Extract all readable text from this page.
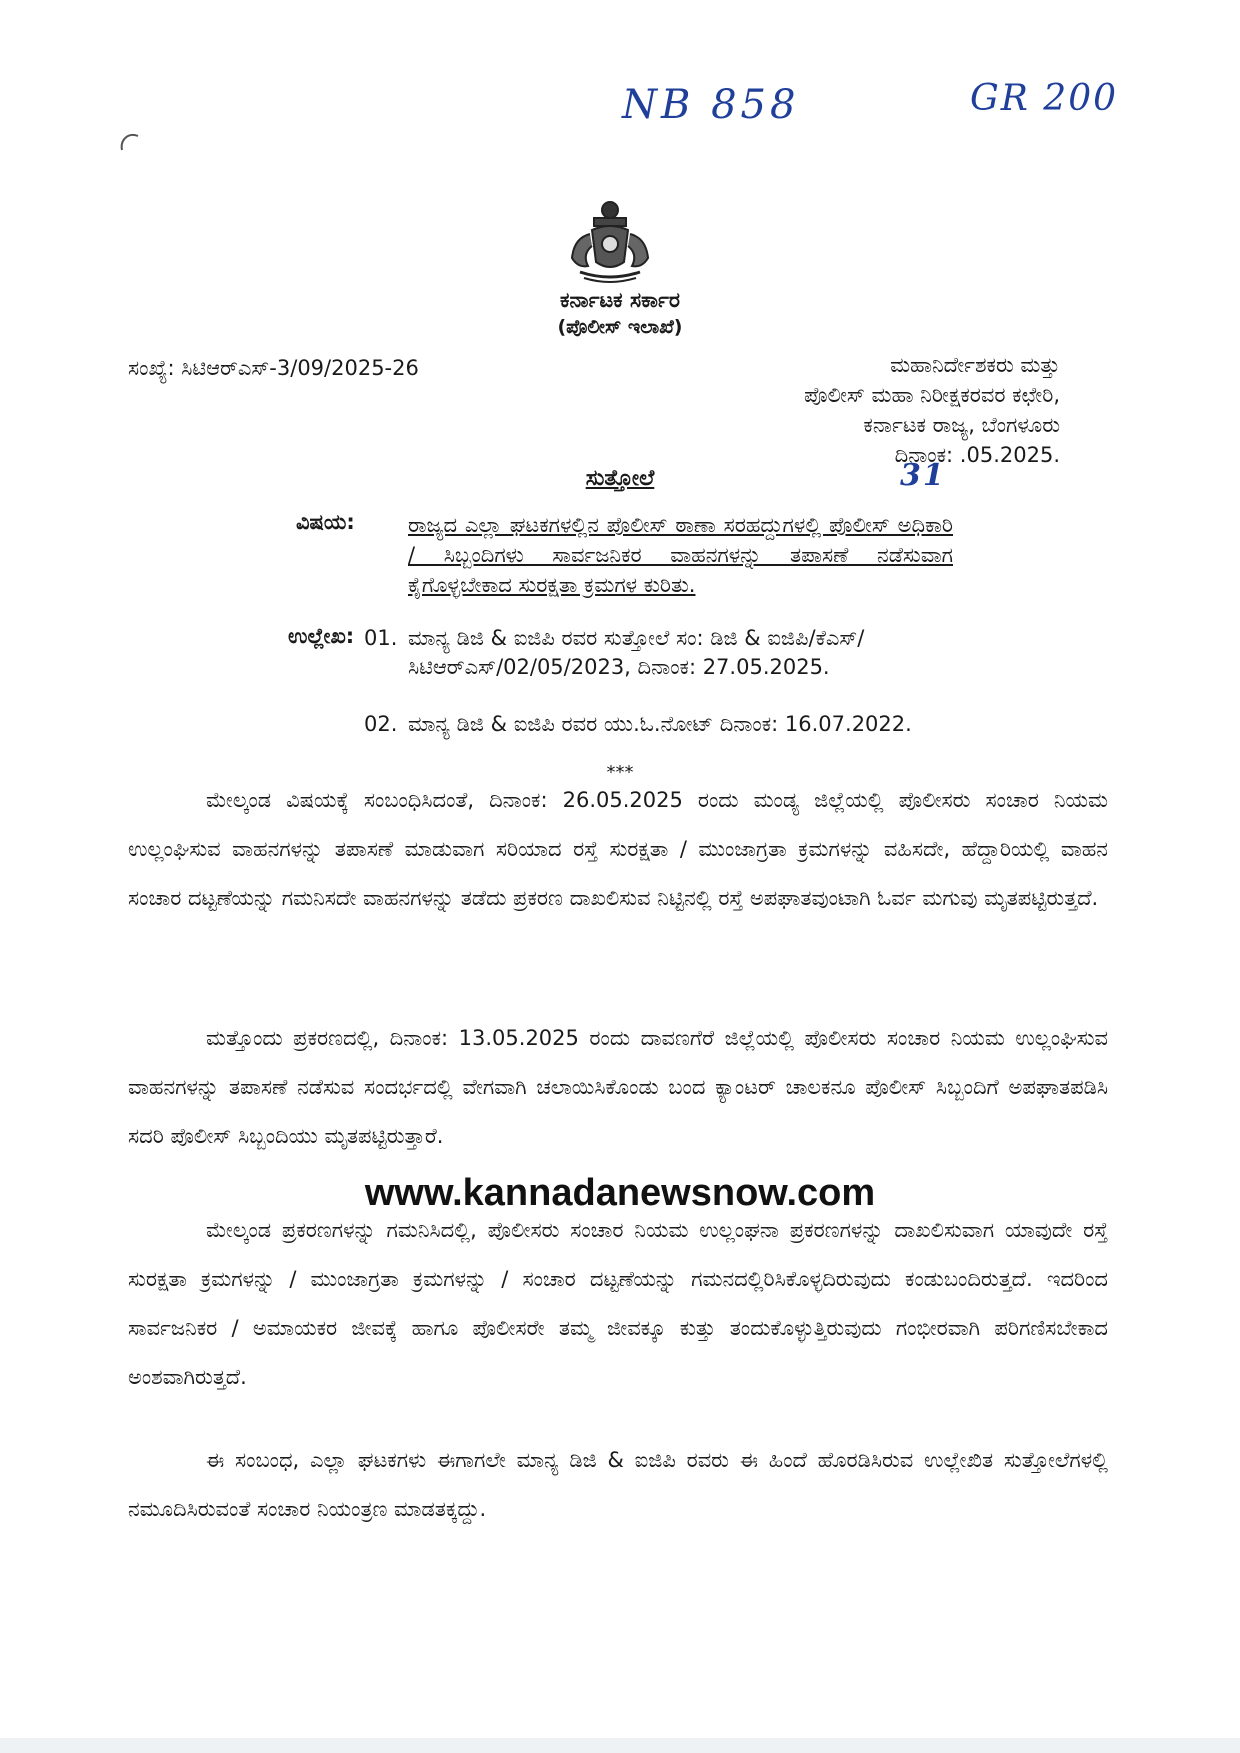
NB 858	GR 200
31
ಕರ್ನಾಟಕ ಸರ್ಕಾರ
(ಪೊಲೀಸ್ ಇಲಾಖೆ)
ಸಂಖ್ಯೆ: ಸಿಟಿಆರ್‌ಎಸ್-3/09/2025-26	ಮಹಾನಿರ್ದೇಶಕರು ಮತ್ತು
ಪೊಲೀಸ್ ಮಹಾ ನಿರೀಕ್ಷಕರವರ ಕಛೇರಿ,
ಕರ್ನಾಟಕ ರಾಜ್ಯ, ಬೆಂಗಳೂರು
ದಿನಾಂಕ: .05.2025.
ಸುತ್ತೋಲೆ
ವಿಷಯ:	ರಾಜ್ಯದ ಎಲ್ಲಾ ಘಟಕಗಳಲ್ಲಿನ ಪೊಲೀಸ್ ಠಾಣಾ ಸರಹದ್ದುಗಳಲ್ಲಿ ಪೊಲೀಸ್ ಅಧಿಕಾರಿ / ಸಿಬ್ಬಂದಿಗಳು ಸಾರ್ವಜನಿಕರ ವಾಹನಗಳನ್ನು ತಪಾಸಣೆ ನಡೆಸುವಾಗ ಕೈಗೊಳ್ಳಬೇಕಾದ ಸುರಕ್ಷತಾ ಕ್ರಮಗಳ ಕುರಿತು.
ಉಲ್ಲೇಖ: 01. ಮಾನ್ಯ ಡಿಜಿ & ಐಜಿಪಿ ರವರ ಸುತ್ತೋಲೆ ಸಂ: ಡಿಜಿ & ಐಜಿಪಿ/ಕೆಎಸ್/ಸಿಟಿಆರ್‌ಎಸ್/02/05/2023, ದಿನಾಂಕ: 27.05.2025.
02. ಮಾನ್ಯ ಡಿಜಿ & ಐಜಿಪಿ ರವರ ಯು.ಓ.ನೋಟ್ ದಿನಾಂಕ: 16.07.2022.
***

ಮೇಲ್ಕಂಡ ವಿಷಯಕ್ಕೆ ಸಂಬಂಧಿಸಿದಂತೆ, ದಿನಾಂಕ: 26.05.2025 ರಂದು ಮಂಡ್ಯ ಜಿಲ್ಲೆಯಲ್ಲಿ ಪೊಲೀಸರು ಸಂಚಾರ ನಿಯಮ ಉಲ್ಲಂಘಿಸುವ ವಾಹನಗಳನ್ನು ತಪಾಸಣೆ ಮಾಡುವಾಗ ಸರಿಯಾದ ರಸ್ತೆ ಸುರಕ್ಷತಾ / ಮುಂಜಾಗ್ರತಾ ಕ್ರಮಗಳನ್ನು ವಹಿಸದೇ, ಹೆದ್ದಾರಿಯಲ್ಲಿ ವಾಹನ ಸಂಚಾರ ದಟ್ಟಣೆಯನ್ನು ಗಮನಿಸದೇ ವಾಹನಗಳನ್ನು ತಡೆದು ಪ್ರಕರಣ ದಾಖಲಿಸುವ ನಿಟ್ಟಿನಲ್ಲಿ ರಸ್ತೆ ಅಪಘಾತವುಂಟಾಗಿ ಓರ್ವ ಮಗುವು ಮೃತಪಟ್ಟಿರುತ್ತದೆ.

ಮತ್ತೊಂದು ಪ್ರಕರಣದಲ್ಲಿ, ದಿನಾಂಕ: 13.05.2025 ರಂದು ದಾವಣಗೆರೆ ಜಿಲ್ಲೆಯಲ್ಲಿ ಪೊಲೀಸರು ಸಂಚಾರ ನಿಯಮ ಉಲ್ಲಂಘಿಸುವ ವಾಹನಗಳನ್ನು ತಪಾಸಣೆ ನಡೆಸುವ ಸಂದರ್ಭದಲ್ಲಿ ವೇಗವಾಗಿ ಚಲಾಯಿಸಿಕೊಂಡು ಬಂದ ಕ್ಯಾಂಟರ್ ಚಾಲಕನೂ ಪೊಲೀಸ್ ಸಿಬ್ಬಂದಿಗೆ ಅಪಘಾತಪಡಿಸಿ ಸದರಿ ಪೊಲೀಸ್ ಸಿಬ್ಬಂದಿಯು ಮೃತಪಟ್ಟಿರುತ್ತಾರೆ.

ಮೇಲ್ಕಂಡ ಪ್ರಕರಣಗಳನ್ನು ಗಮನಿಸಿದಲ್ಲಿ, ಪೊಲೀಸರು ಸಂಚಾರ ನಿಯಮ ಉಲ್ಲಂಘನಾ ಪ್ರಕರಣಗಳನ್ನು ದಾಖಲಿಸುವಾಗ ಯಾವುದೇ ರಸ್ತೆ ಸುರಕ್ಷತಾ ಕ್ರಮಗಳನ್ನು / ಮುಂಜಾಗ್ರತಾ ಕ್ರಮಗಳನ್ನು / ಸಂಚಾರ ದಟ್ಟಣೆಯನ್ನು ಗಮನದಲ್ಲಿರಿಸಿಕೊಳ್ಳದಿರುವುದು ಕಂಡುಬಂದಿರುತ್ತದೆ. ಇದರಿಂದ ಸಾರ್ವಜನಿಕರ / ಅಮಾಯಕರ ಜೀವಕ್ಕೆ ಹಾಗೂ ಪೊಲೀಸರೇ ತಮ್ಮ ಜೀವಕ್ಕೂ ಕುತ್ತು ತಂದುಕೊಳ್ಳುತ್ತಿರುವುದು ಗಂಭೀರವಾಗಿ ಪರಿಗಣಿಸಬೇಕಾದ ಅಂಶವಾಗಿರುತ್ತದೆ.

ಈ ಸಂಬಂಧ, ಎಲ್ಲಾ ಘಟಕಗಳು ಈಗಾಗಲೇ ಮಾನ್ಯ ಡಿಜಿ & ಐಜಿಪಿ ರವರು ಈ ಹಿಂದೆ ಹೊರಡಿಸಿರುವ ಉಲ್ಲೇಖಿತ ಸುತ್ತೋಲೆಗಳಲ್ಲಿ ನಮೂದಿಸಿರುವಂತೆ ಸಂಚಾರ ನಿಯಂತ್ರಣ ಮಾಡತಕ್ಕದ್ದು.

www.kannadanewsnow.com
